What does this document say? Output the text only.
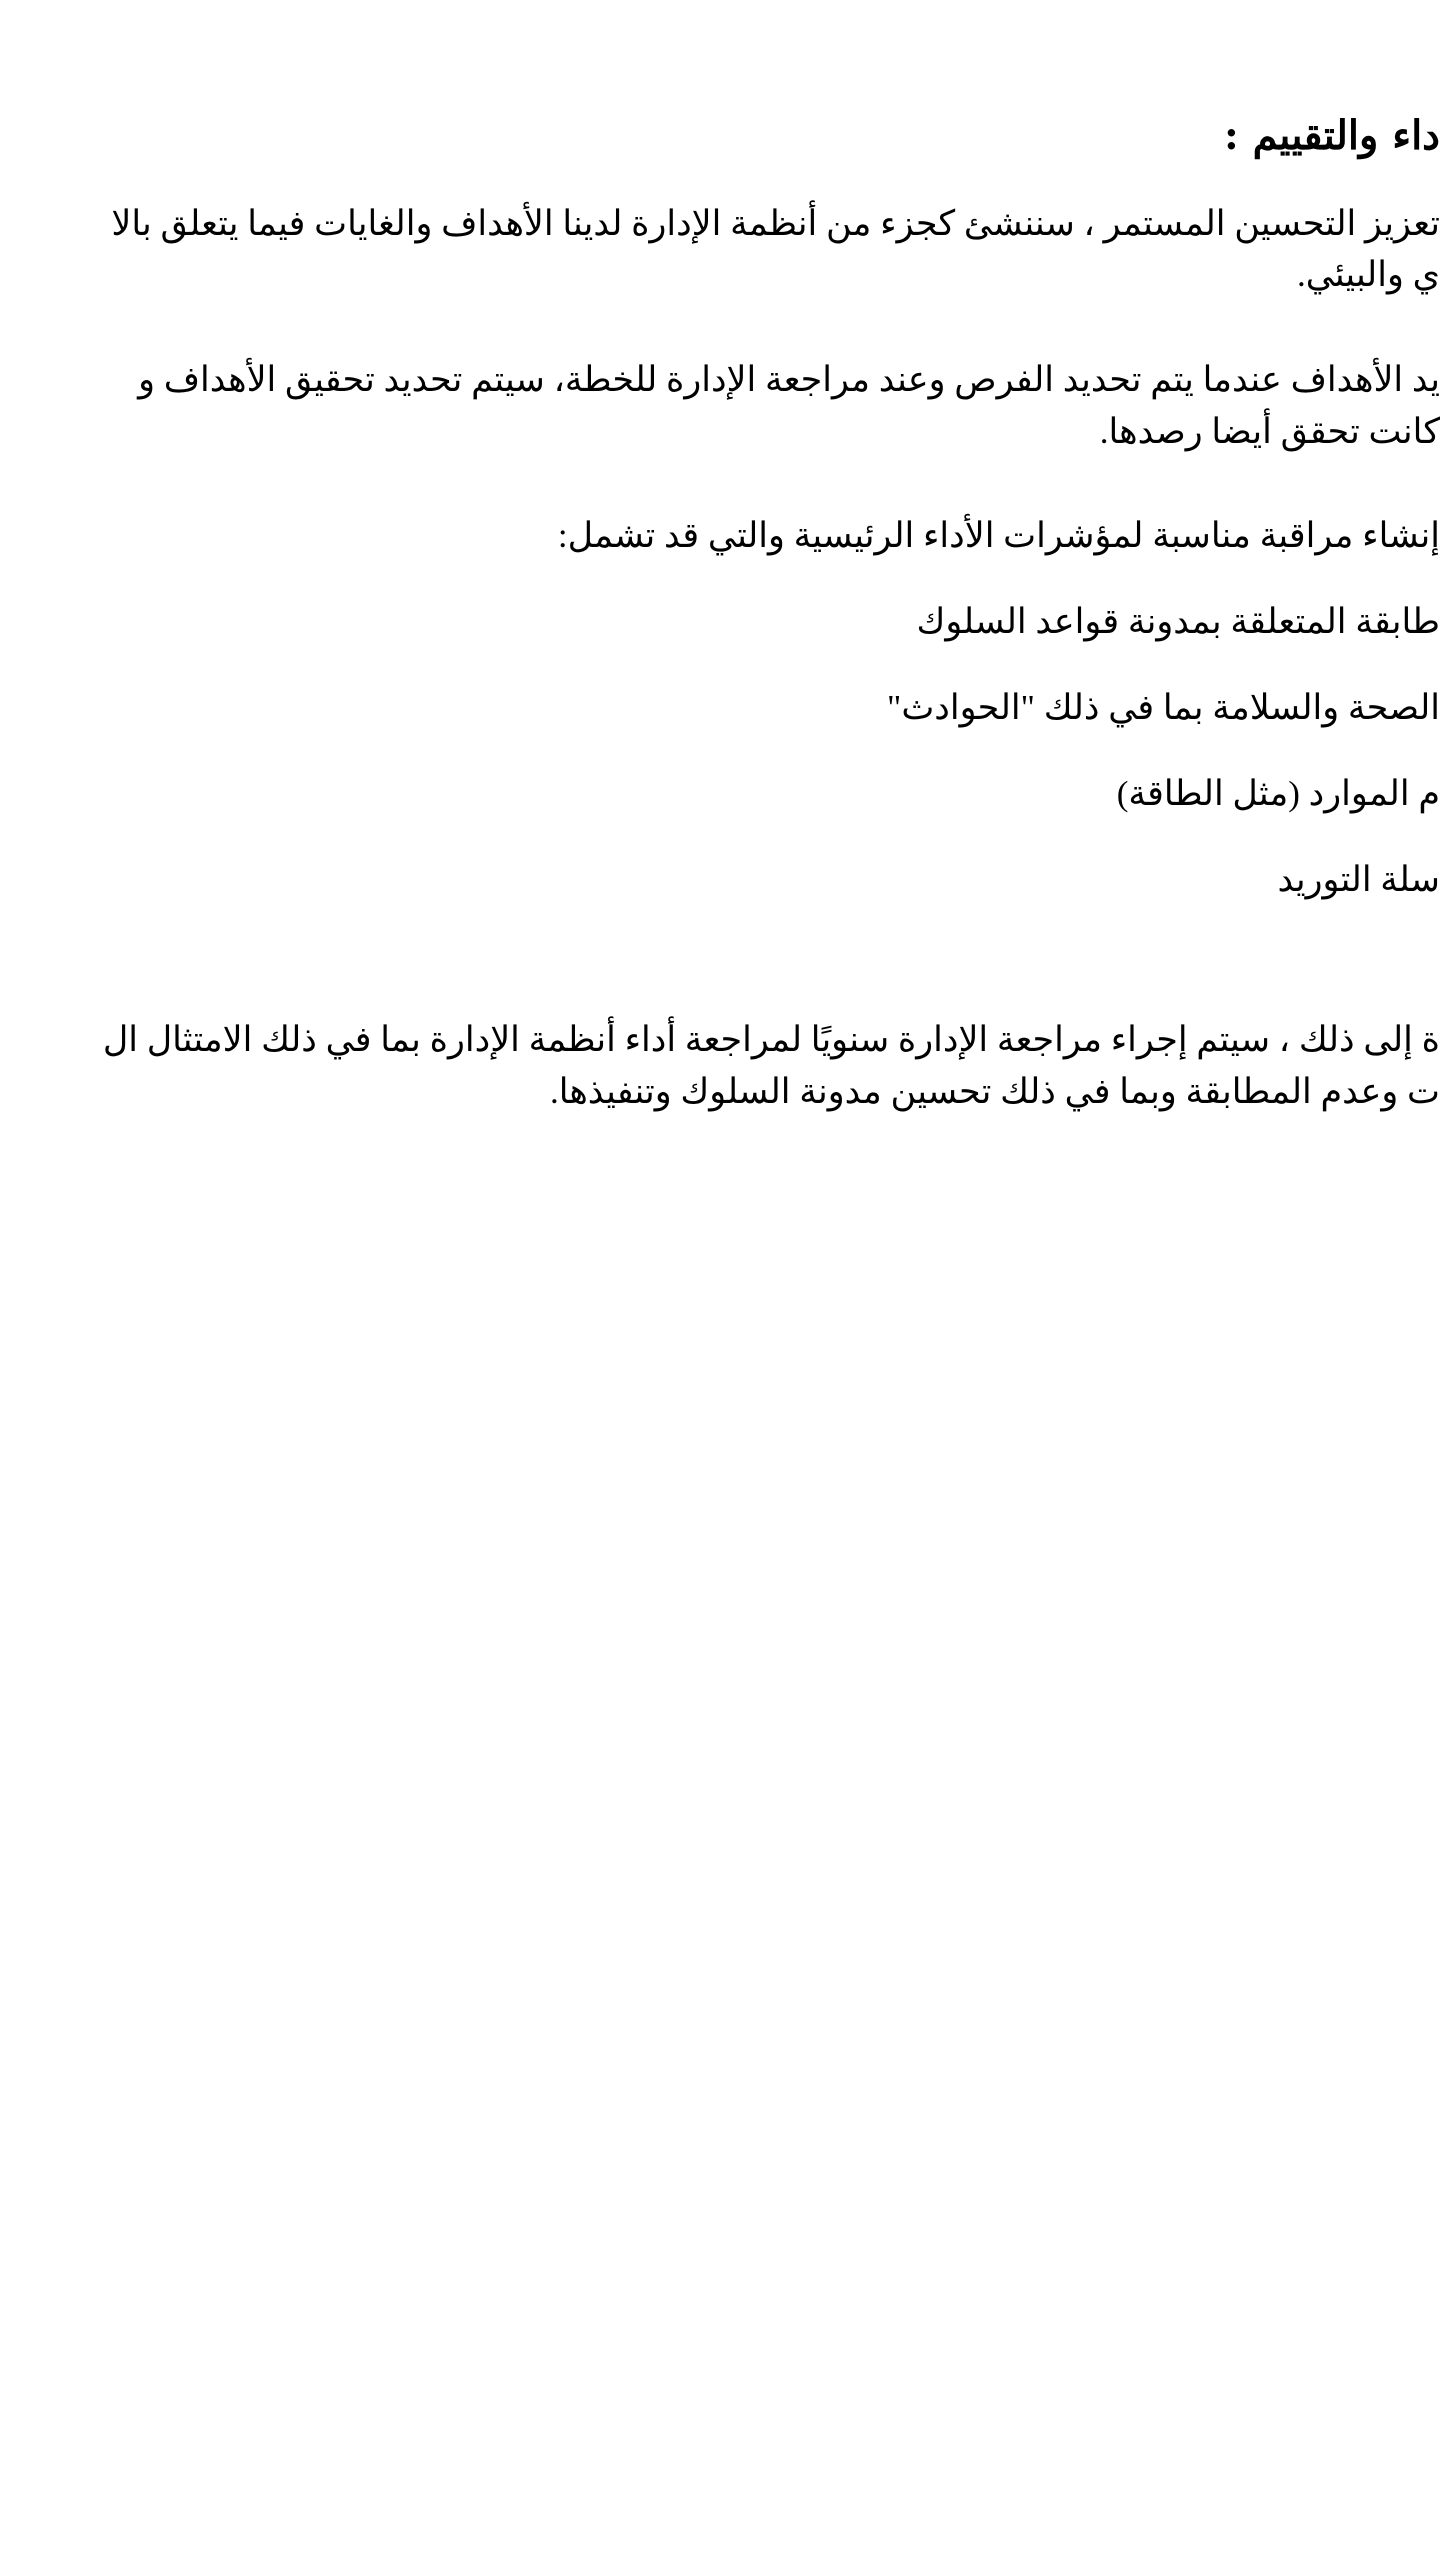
داء والتقييم :
تعزيز التحسين المستمر ، سننشئ كجزء من أنظمة الإدارة لدينا الأهداف والغايات فيما يتعلق بالا
ي والبيئي.
يد الأهداف عندما يتم تحديد الفرص وعند مراجعة الإدارة للخطة، سيتم تحديد تحقيق الأهداف و
كانت تحقق أيضا رصدها.
إنشاء مراقبة مناسبة لمؤشرات الأداء الرئيسية والتي قد تشمل:
طابقة المتعلقة بمدونة قواعد السلوك
الصحة والسلامة بما في ذلك "الحوادث"
م الموارد (مثل الطاقة)
سلة التوريد
ة إلى ذلك ، سيتم إجراء مراجعة الإدارة سنويًا لمراجعة أداء أنظمة الإدارة بما في ذلك الامتثال ال
ت وعدم المطابقة وبما في ذلك تحسين مدونة السلوك وتنفيذها.
